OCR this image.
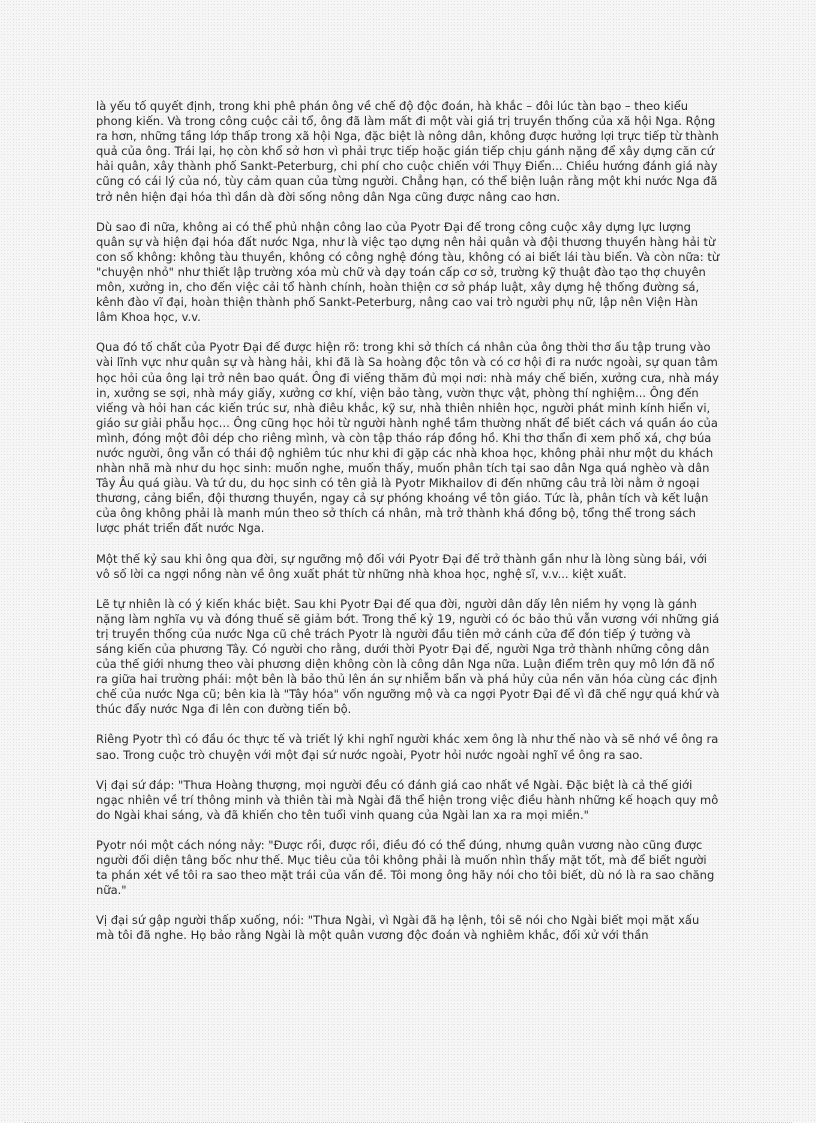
là yếu tố quyết định, trong khi phê phán ông về chế độ độc đoán, hà khắc – đôi lúc tàn bạo – theo kiểu phong kiến. Và trong công cuộc cải tổ, ông đã làm mất đi một vài giá trị truyền thống của xã hội Nga. Rộng ra hơn, những tầng lớp thấp trong xã hội Nga, đặc biệt là nông dân, không được hưởng lợi trực tiếp từ thành quả của ông. Trái lại, họ còn khổ sở hơn vì phải trực tiếp hoặc gián tiếp chịu gánh nặng để xây dựng căn cứ hải quân, xây thành phố Sankt-Peterburg, chi phí cho cuộc chiến với Thụy Điển... Chiều hướng đánh giá này cũng có cái lý của nó, tùy cảm quan của từng người. Chẳng hạn, có thể biện luận rằng một khi nước Nga đã trở nên hiện đại hóa thì dần dà đời sống nông dân Nga cũng được nâng cao hơn.

Dù sao đi nữa, không ai có thể phủ nhận công lao của Pyotr Đại đế trong công cuộc xây dựng lực lượng quân sự và hiện đại hóa đất nước Nga, như là việc tạo dựng nên hải quân và đội thương thuyền hàng hải từ con số không: không tàu thuyền, không có công nghệ đóng tàu, không có ai biết lái tàu biển. Và còn nữa: từ "chuyện nhỏ" như thiết lập trường xóa mù chữ và dạy toán cấp cơ sở, trường kỹ thuật đào tạo thợ chuyên môn, xưởng in, cho đến việc cải tổ hành chính, hoàn thiện cơ sở pháp luật, xây dựng hệ thống đường sá, kênh đào vĩ đại, hoàn thiện thành phố Sankt-Peterburg, nâng cao vai trò người phụ nữ, lập nên Viện Hàn lâm Khoa học, v.v.

Qua đó tố chất của Pyotr Đại đế được hiện rõ: trong khi sở thích cá nhân của ông thời thơ ấu tập trung vào vài lĩnh vực như quân sự và hàng hải, khi đã là Sa hoàng độc tôn và có cơ hội đi ra nước ngoài, sự quan tâm học hỏi của ông lại trở nên bao quát. Ông đi viếng thăm đủ mọi nơi: nhà máy chế biến, xưởng cưa, nhà máy in, xưởng se sợi, nhà máy giấy, xưởng cơ khí, viện bảo tàng, vườn thực vật, phòng thí nghiệm... Ông đến viếng và hỏi han các kiến trúc sư, nhà điêu khắc, kỹ sư, nhà thiên nhiên học, người phát minh kính hiển vi, giáo sư giải phẫu học... Ông cũng học hỏi từ người hành nghề tầm thường nhất để biết cách vá quần áo của mình, đóng một đôi dép cho riêng mình, và còn tập tháo ráp đồng hồ. Khi thơ thẩn đi xem phố xá, chợ búa nước người, ông vẫn có thái độ nghiêm túc như khi đi gặp các nhà khoa học, không phải như một du khách nhàn nhã mà như du học sinh: muốn nghe, muốn thấy, muốn phân tích tại sao dân Nga quá nghèo và dân Tây Âu quá giàu. Và tứ du, du học sinh có tên giả là Pyotr Mikhailov đi đến những câu trả lời nằm ở ngoại thương, cảng biển, đội thương thuyền, ngay cả sự phóng khoáng về tôn giáo. Tức là, phân tích và kết luận của ông không phải là manh mún theo sở thích cá nhân, mà trở thành khá đồng bộ, tổng thể trong sách lược phát triển đất nước Nga.

Một thế kỷ sau khi ông qua đời, sự ngưỡng mộ đối với Pyotr Đại đế trở thành gần như là lòng sùng bái, với vô số lời ca ngợi nồng nàn về ông xuất phát từ những nhà khoa học, nghệ sĩ, v.v... kiệt xuất.

Lẽ tự nhiên là có ý kiến khác biệt. Sau khi Pyotr Đại đế qua đời, người dân dấy lên niềm hy vọng là gánh nặng làm nghĩa vụ và đóng thuế sẽ giảm bớt. Trong thế kỷ 19, người có óc bảo thủ vẫn vương với những giá trị truyền thống của nước Nga cũ chê trách Pyotr là người đầu tiên mở cánh cửa để đón tiếp ý tưởng và sáng kiến của phương Tây. Có người cho rằng, dưới thời Pyotr Đại đế, người Nga trở thành những công dân của thế giới nhưng theo vài phương diện không còn là công dân Nga nữa. Luận điểm trên quy mô lớn đã nổ ra giữa hai trường phái: một bên là bảo thủ lên án sự nhiễm bẩn và phá hủy của nền văn hóa cùng các định chế của nước Nga cũ; bên kia là "Tây hóa" vốn ngưỡng mộ và ca ngợi Pyotr Đại đế vì đã chế ngự quá khứ và thúc đẩy nước Nga đi lên con đường tiến bộ.

Riêng Pyotr thì có đầu óc thực tế và triết lý khi nghĩ người khác xem ông là như thế nào và sẽ nhớ về ông ra sao. Trong cuộc trò chuyện với một đại sứ nước ngoài, Pyotr hỏi nước ngoài nghĩ về ông ra sao.

Vị đại sứ đáp: "Thưa Hoàng thượng, mọi người đều có đánh giá cao nhất về Ngài. Đặc biệt là cả thế giới ngạc nhiên về trí thông minh và thiên tài mà Ngài đã thể hiện trong việc điều hành những kế hoạch quy mô do Ngài khai sáng, và đã khiến cho tên tuổi vinh quang của Ngài lan xa ra mọi miền."

Pyotr nói một cách nóng nảy: "Được rồi, được rồi, điều đó có thể đúng, nhưng quân vương nào cũng được người đối diện tâng bốc như thế. Mục tiêu của tôi không phải là muốn nhìn thấy mặt tốt, mà để biết người ta phán xét về tôi ra sao theo mặt trái của vấn đề. Tôi mong ông hãy nói cho tôi biết, dù nó là ra sao chăng nữa."

Vị đại sứ gập người thấp xuống, nói: "Thưa Ngài, vì Ngài đã hạ lệnh, tôi sẽ nói cho Ngài biết mọi mặt xấu mà tôi đã nghe. Họ bảo rằng Ngài là một quân vương độc đoán và nghiêm khắc, đối xử với thần
